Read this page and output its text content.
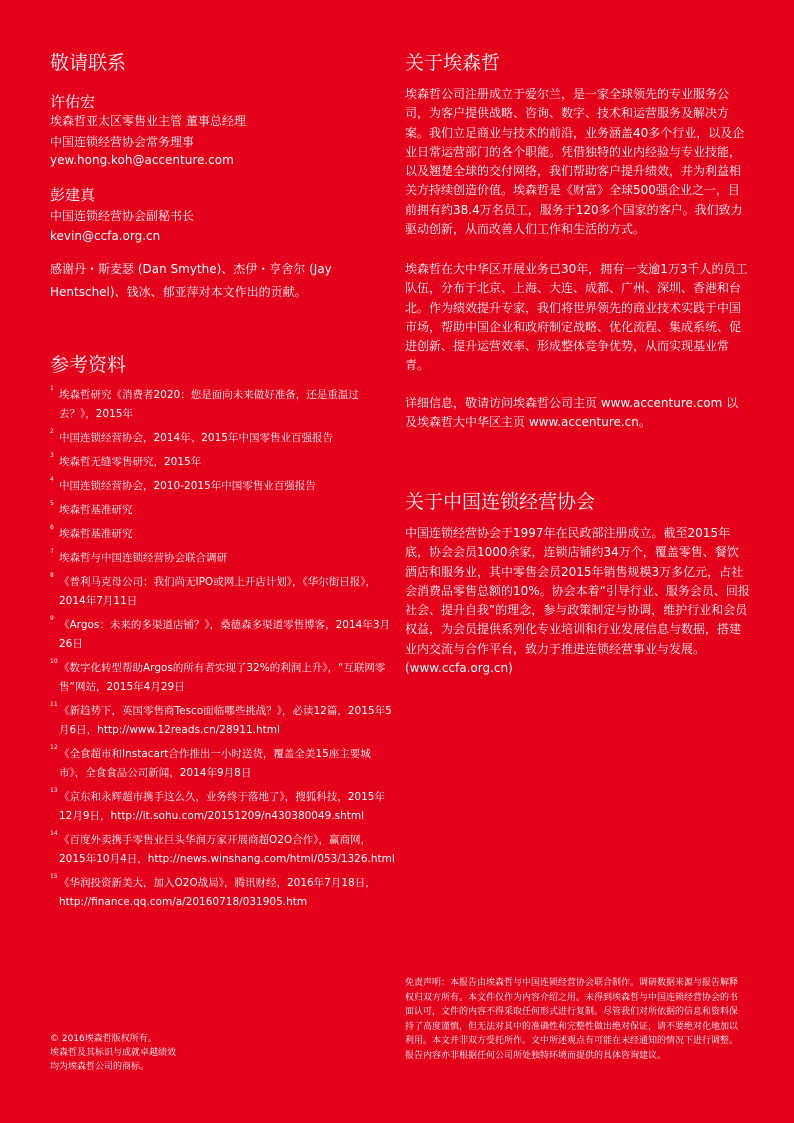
敬请联系
许佑宏
埃森哲亚太区零售业主管 董事总经理
中国连锁经营协会常务理事
yew.hong.koh@accenture.com
彭建真
中国连锁经营协会副秘书长
kevin@ccfa.org.cn
感谢丹・斯麦瑟 (Dan Smythe)、杰伊・亨舍尔 (Jay Hentschel)、钱冰、郁亚萍对本文作出的贡献。
参考资料
1
埃森哲研究《消费者2020：您是面向未来做好准备，还是重温过去？》，2015年
2
中国连锁经营协会，2014年、2015年中国零售业百强报告
3
埃森哲无缝零售研究，2015年
4
中国连锁经营协会，2010-2015年中国零售业百强报告
5
埃森哲基准研究
6
埃森哲基准研究
7
埃森哲与中国连锁经营协会联合调研
8
《普利马克母公司：我们尚无IPO或网上开店计划》，《华尔街日报》，2014年7月11日
9
《Argos：未来的多渠道店铺？》，桑德森多渠道零售博客，2014年3月26日
10
《数字化转型帮助Argos的所有者实现了32%的利润上升》，“互联网零售”网站，2015年4月29日
11
《新趋势下，英国零售商Tesco面临哪些挑战？》，必读12篇，2015年5月6日，http://www.12reads.cn/28911.html
12
《全食超市和Instacart合作推出一小时送货，覆盖全美15座主要城市》，全食食品公司新闻，2014年9月8日
13
《京东和永辉超市携手这么久，业务终于落地了》，搜狐科技，2015年12月9日，http://it.sohu.com/20151209/n430380049.shtml
14
《百度外卖携手零售业巨头华润万家开展商超O2O合作》，赢商网，2015年10月4日，http://news.winshang.com/html/053/1326.html
15
《华润投资新美大，加入O2O战局》，腾讯财经，2016年7月18日，http://finance.qq.com/a/20160718/031905.htm
关于埃森哲

埃森哲公司注册成立于爱尔兰，是一家全球领先的专业服务公司，为客户提供战略、咨询、数字、技术和运营服务及解决方案。我们立足商业与技术的前沿，业务涵盖40多个行业，以及企业日常运营部门的各个职能。凭借独特的业内经验与专业技能，以及翘楚全球的交付网络，我们帮助客户提升绩效，并为利益相关方持续创造价值。埃森哲是《财富》全球500强企业之一，目前拥有约38.4万名员工，服务于120多个国家的客户。我们致力驱动创新，从而改善人们工作和生活的方式。

埃森哲在大中华区开展业务已30年，拥有一支逾1万3千人的员工队伍，分布于北京、上海、大连、成都、广州、深圳、香港和台北。作为绩效提升专家，我们将世界领先的商业技术实践于中国市场，帮助中国企业和政府制定战略、优化流程、集成系统、促进创新、提升运营效率、形成整体竞争优势，从而实现基业常青。

详细信息，敬请访问埃森哲公司主页 www.accenture.com 以及埃森哲大中华区主页 www.accenture.cn。

关于中国连锁经营协会

中国连锁经营协会于1997年在民政部注册成立。截至2015年底，协会会员1000余家，连锁店铺约34万个，覆盖零售、餐饮酒店和服务业，其中零售会员2015年销售规模3万多亿元，占社会消费品零售总额的10%。协会本着“引导行业、服务会员、回报社会、提升自我”的理念，参与政策制定与协调，维护行业和会员权益，为会员提供系列化专业培训和行业发展信息与数据，搭建业内交流与合作平台，致力于推进连锁经营事业与发展。(www.ccfa.org.cn)

免责声明：本报告由埃森哲与中国连锁经营协会联合制作。调研数据来源与报告解释权归双方所有。本文件仅作为内容介绍之用。未得到埃森哲与中国连锁经营协会的书面认可，文件的内容不得采取任何形式进行复制。尽管我们对所依据的信息和资料保持了高度谨慎，但无法对其中的准确性和完整性做出绝对保证，请不要绝对化地加以利用。本文并非双方受托所作。文中所述观点有可能在未经通知的情况下进行调整。报告内容亦非根据任何公司所处独特环境而提供的具体咨询建议。

© 2016埃森哲版权所有。
埃森哲及其标识与成就卓越绩效
均为埃森哲公司的商标。
